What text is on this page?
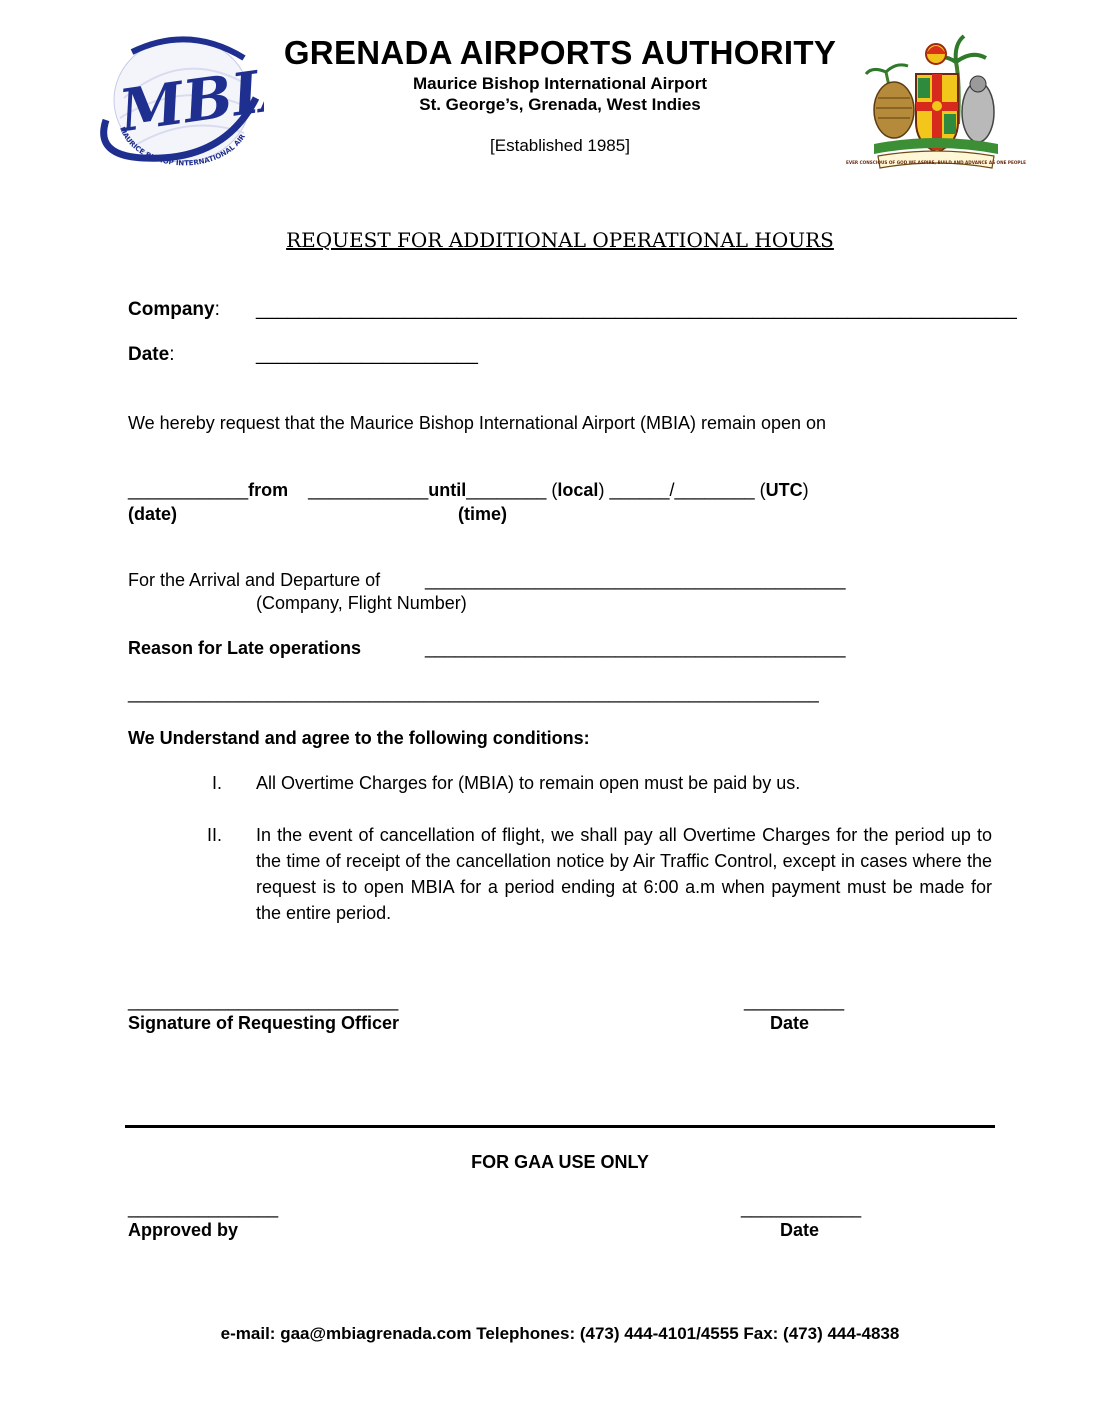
MBIA
MAURICE BISHOP INTERNATIONAL AIR
EVER CONSCIOUS OF GOD WE ASPIRE, BUILD AND ADVANCE AS ONE PEOPLE
GRENADA AIRPORTS AUTHORITY
Maurice Bishop International Airport
St. George’s, Grenada, West Indies
[Established 1985]
REQUEST FOR ADDITIONAL OPERATIONAL HOURS
Company: ________________________________________________________________________
Date:	_____________________
We hereby request that the Maurice Bishop International Airport (MBIA) remain open on
____________from ____________until________ (local) ______/________ (UTC)
(date)	(time)
For the Arrival and Departure of __________________________________________
(Company, Flight Number)
Reason for Late operations	__________________________________________
_____________________________________________________________________
We Understand and agree to the following conditions:
I. All Overtime Charges for (MBIA) to remain open must be paid by us.
II. In the event of cancellation of flight, we shall pay all Overtime Charges for the period up to the time of receipt of the cancellation notice by Air Traffic Control, except in cases where the request is to open MBIA for a period ending at 6:00 a.m when payment must be made for the entire period.
___________________________
Signature of Requesting Officer
__________
Date
FOR GAA USE ONLY
_______________
Approved by
____________
Date
e-mail: gaa@mbiagrenada.com Telephones: (473) 444-4101/4555 Fax: (473) 444-4838
